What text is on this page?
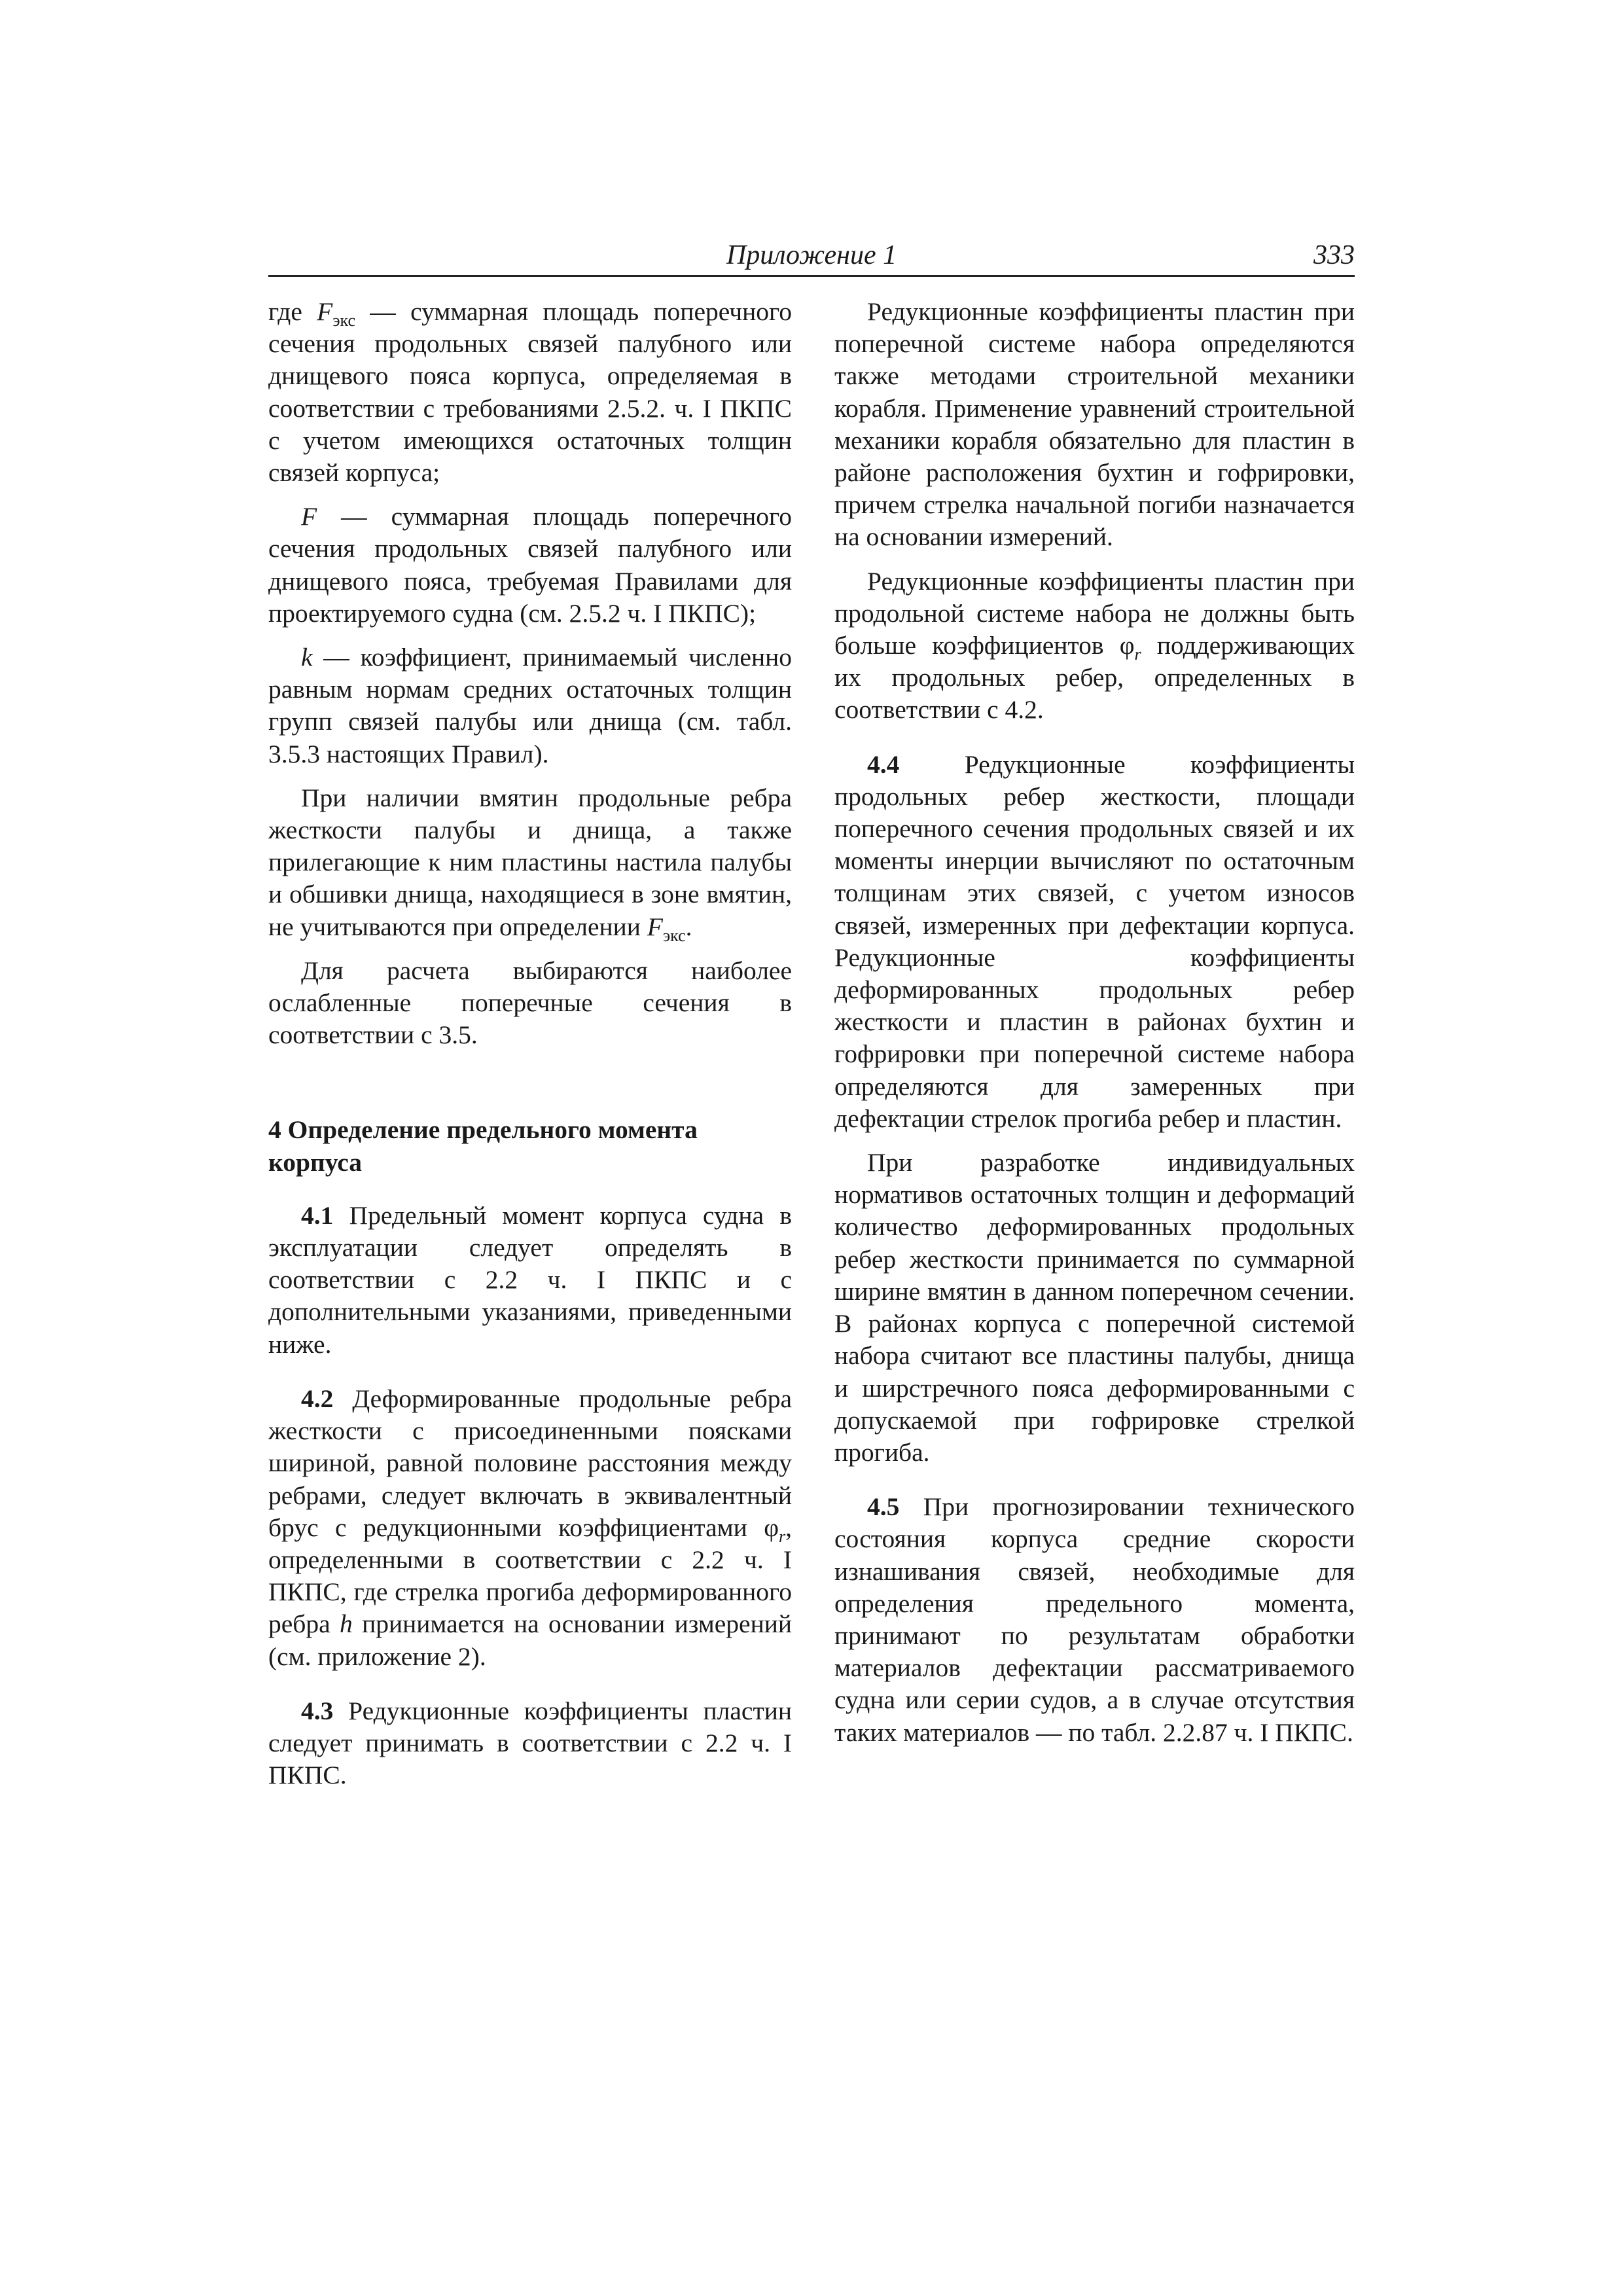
Приложение 1	333

где $F_{экс}$ — суммарная площадь поперечного сечения продольных связей палубного или днищевого пояса корпуса, определяемая в соответствии с требованиями 2.5.2. ч. I ПКПС с учетом имеющихся остаточных толщин связей корпуса;

F — суммарная площадь поперечного сечения продольных связей палубного или днищевого пояса, требуемая Правилами для проектируемого судна (см. 2.5.2 ч. I ПКПС);

k — коэффициент, принимаемый численно равным нормам средних остаточных толщин групп связей палубы или днища (см. табл. 3.5.3 настоящих Правил).

При наличии вмятин продольные ребра жесткости палубы и днища, а также прилегающие к ним пластины настила палубы и обшивки днища, находящиеся в зоне вмятин, не учитываются при определении $F_{экс}$.

Для расчета выбираются наиболее ослабленные поперечные сечения в соответствии с 3.5.

4 Определение предельного момента корпуса

4.1 Предельный момент корпуса судна в эксплуатации следует определять в соответствии с 2.2 ч. I ПКПС и с дополнительными указаниями, приведенными ниже.

4.2 Деформированные продольные ребра жесткости с присоединенными поясками шириной, равной половине расстояния между ребрами, следует включать в эквивалентный брус с редукционными коэффициентами $\varphi_r$, определенными в соответствии с 2.2 ч. I ПКПС, где стрелка прогиба деформированного ребра h принимается на основании измерений (см. приложение 2).

4.3 Редукционные коэффициенты пластин следует принимать в соответствии с 2.2 ч. I ПКПС.

Редукционные коэффициенты пластин при поперечной системе набора определяются также методами строительной механики корабля. Применение уравнений строительной механики корабля обязательно для пластин в районе расположения бухтин и гофрировки, причем стрелка начальной погиби назначается на основании измерений.

Редукционные коэффициенты пластин при продольной системе набора не должны быть больше коэффициентов $\varphi_r$ поддерживающих их продольных ребер, определенных в соответствии с 4.2.

4.4 Редукционные коэффициенты продольных ребер жесткости, площади поперечного сечения продольных связей и их моменты инерции вычисляют по остаточным толщинам этих связей, с учетом износов связей, измеренных при дефектации корпуса. Редукционные коэффициенты деформированных продольных ребер жесткости и пластин в районах бухтин и гофрировки при поперечной системе набора определяются для замеренных при дефектации стрелок прогиба ребер и пластин.

При разработке индивидуальных нормативов остаточных толщин и деформаций количество деформированных продольных ребер жесткости принимается по суммарной ширине вмятин в данном поперечном сечении. В районах корпуса с поперечной системой набора считают все пластины палубы, днища и ширстречного пояса деформированными с допускаемой при гофрировке стрелкой прогиба.

4.5 При прогнозировании технического состояния корпуса средние скорости изнашивания связей, необходимые для определения предельного момента, принимают по результатам обработки материалов дефектации рассматриваемого судна или серии судов, а в случае отсутствия таких материалов — по табл. 2.2.87 ч. I ПКПС.
